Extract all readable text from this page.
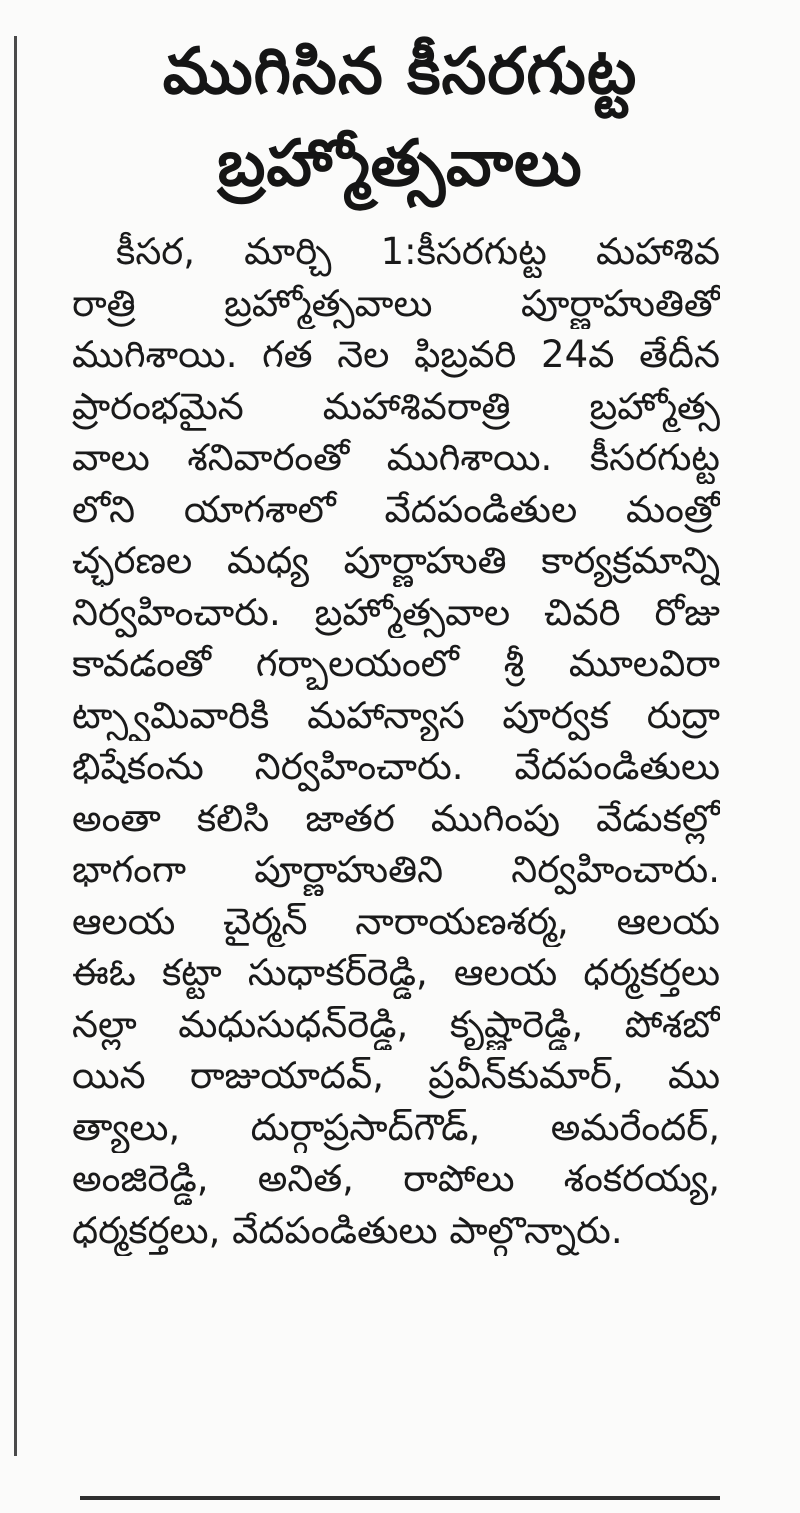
ముగిసిన కీసరగుట్ట
బ్రహ్మోత్సవాలు
కీసర, మార్చి 1:కీసరగుట్ట మహాశివ
రాత్రి బ్రహ్మోత్సవాలు పూర్ణాహుతితో
ముగిశాయి. గత నెల ఫిబ్రవరి 24వ తేదీన
ప్రారంభమైన మహాశివరాత్రి బ్రహ్మోత్స
వాలు శనివారంతో ముగిశాయి. కీసరగుట్ట
లోని యాగశాలో వేదపండితుల మంత్రో
చ్ఛరణల మధ్య పూర్ణాహుతి కార్యక్రమాన్ని
నిర్వహించారు. బ్రహ్మోత్సవాల చివరి రోజు
కావడంతో గర్భాలయంలో శ్రీ మూలవిరా
ట్స్వామివారికి మహాన్యాస పూర్వక రుద్రా
భిషేకంను నిర్వహించారు. వేదపండితులు
అంతా కలిసి జాతర ముగింపు వేడుకల్లో
భాగంగా పూర్ణాహుతిని నిర్వహించారు.
ఆలయ చైర్మన్ నారాయణశర్మ, ఆలయ
ఈఓ కట్టా సుధాకర్‌రెడ్డి, ఆలయ ధర్మకర్తలు
నల్లా మధుసుధన్‌రెడ్డి, కృష్ణారెడ్డి, పోశబో
యిన రాజుయాదవ్, ప్రవీన్‌కుమార్, ము
త్యాలు, దుర్గాప్రసాద్‌గౌడ్, అమరేందర్,
అంజిరెడ్డి, అనిత, రాపోలు శంకరయ్య,
ధర్మకర్తలు, వేదపండితులు పాల్గొన్నారు.
